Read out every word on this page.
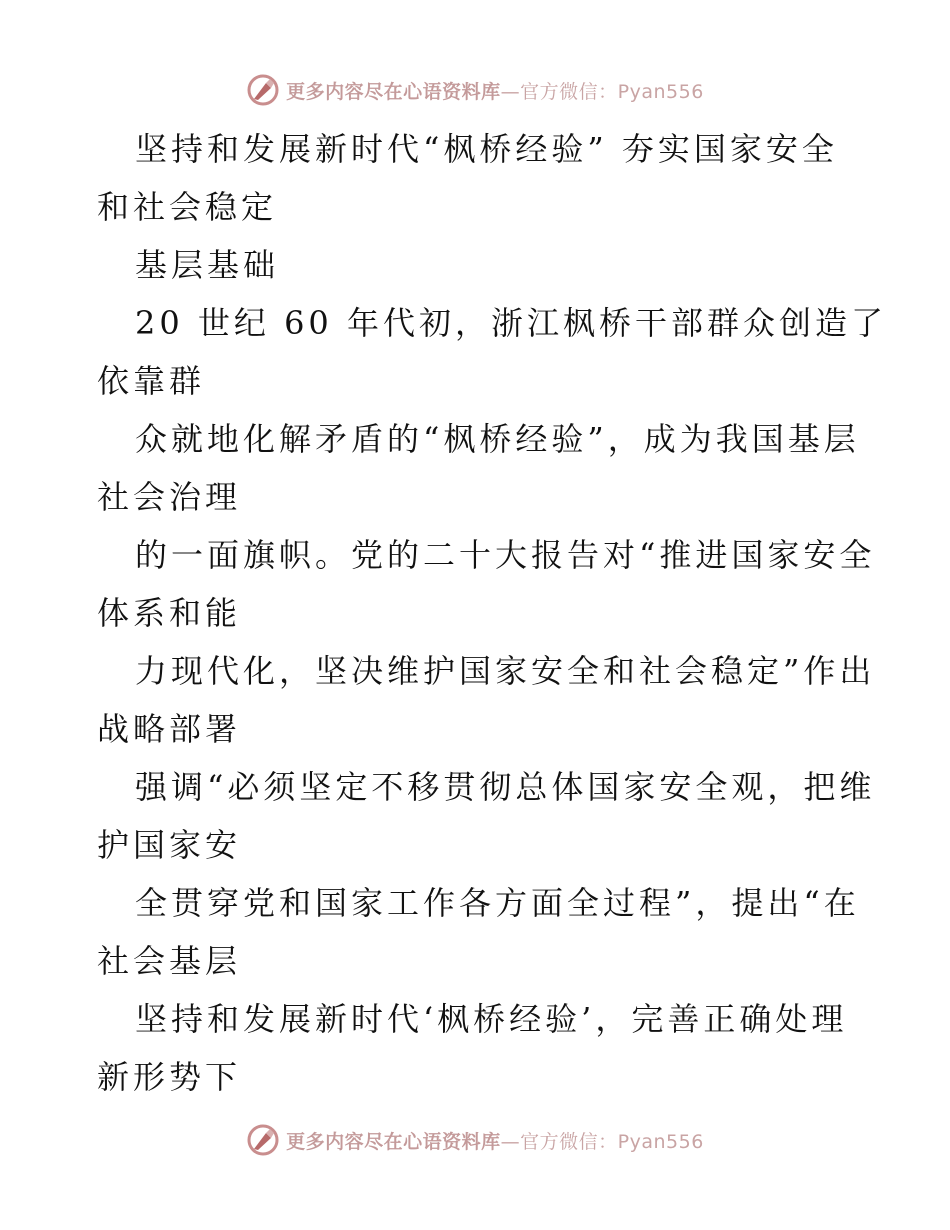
更多内容尽在心语资料库—官方微信：Pyan556
坚持和发展新时代“枫桥经验” 夯实国家安全
和社会稳定
基层基础
20 世纪 60 年代初，浙江枫桥干部群众创造了
依靠群
众就地化解矛盾的“枫桥经验”，成为我国基层
社会治理
的一面旗帜。党的二十大报告对“推进国家安全
体系和能
力现代化，坚决维护国家安全和社会稳定”作出
战略部署
强调“必须坚定不移贯彻总体国家安全观，把维
护国家安
全贯穿党和国家工作各方面全过程”，提出“在
社会基层
坚持和发展新时代‘枫桥经验’，完善正确处理
新形势下
更多内容尽在心语资料库—官方微信：Pyan556
